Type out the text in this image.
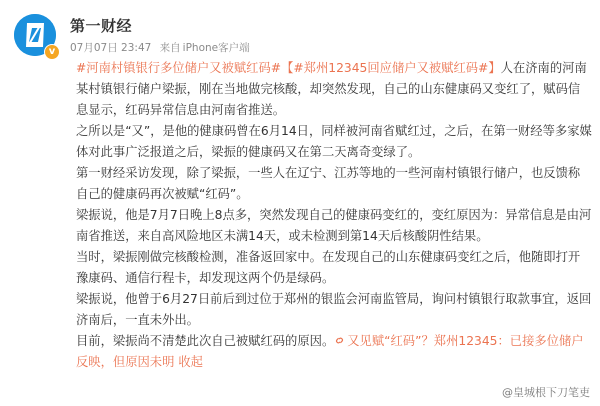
v
第一财经
07月07日 23:47 来自 iPhone客户端

#河南村镇银行多位储户又被赋红码#【#郑州12345回应储户又被赋红码#】人在济南的河南某村镇银行储户梁振，刚在当地做完核酸，却突然发现，自己的山东健康码又变红了，赋码信息显示，红码异常信息由河南省推送。

之所以是“又”，是他的健康码曾在6月14日，同样被河南省赋红过，之后，在第一财经等多家媒体对此事广泛报道之后，梁振的健康码又在第二天离奇变绿了。

第一财经采访发现，除了梁振，一些人在辽宁、江苏等地的一些河南村镇银行储户，也反馈称自己的健康码再次被赋“红码”。

梁振说，他是7月7日晚上8点多，突然发现自己的健康码变红的，变红原因为：异常信息是由河南省推送，来自高风险地区未满14天，或未检测到第14天后核酸阴性结果。

当时，梁振刚做完核酸检测，准备返回家中。在发现自己的山东健康码变红之后，他随即打开豫康码、通信行程卡，却发现这两个仍是绿码。

梁振说，他曾于6月27日前后到过位于郑州的银监会河南监管局，询问村镇银行取款事宜，返回济南后，一直未外出。

目前，梁振尚不清楚此次自己被赋红码的原因。 又见赋“红码”？郑州12345：已接多位储户反映，但原因未明 收起

@皇城根下刀笔吏
